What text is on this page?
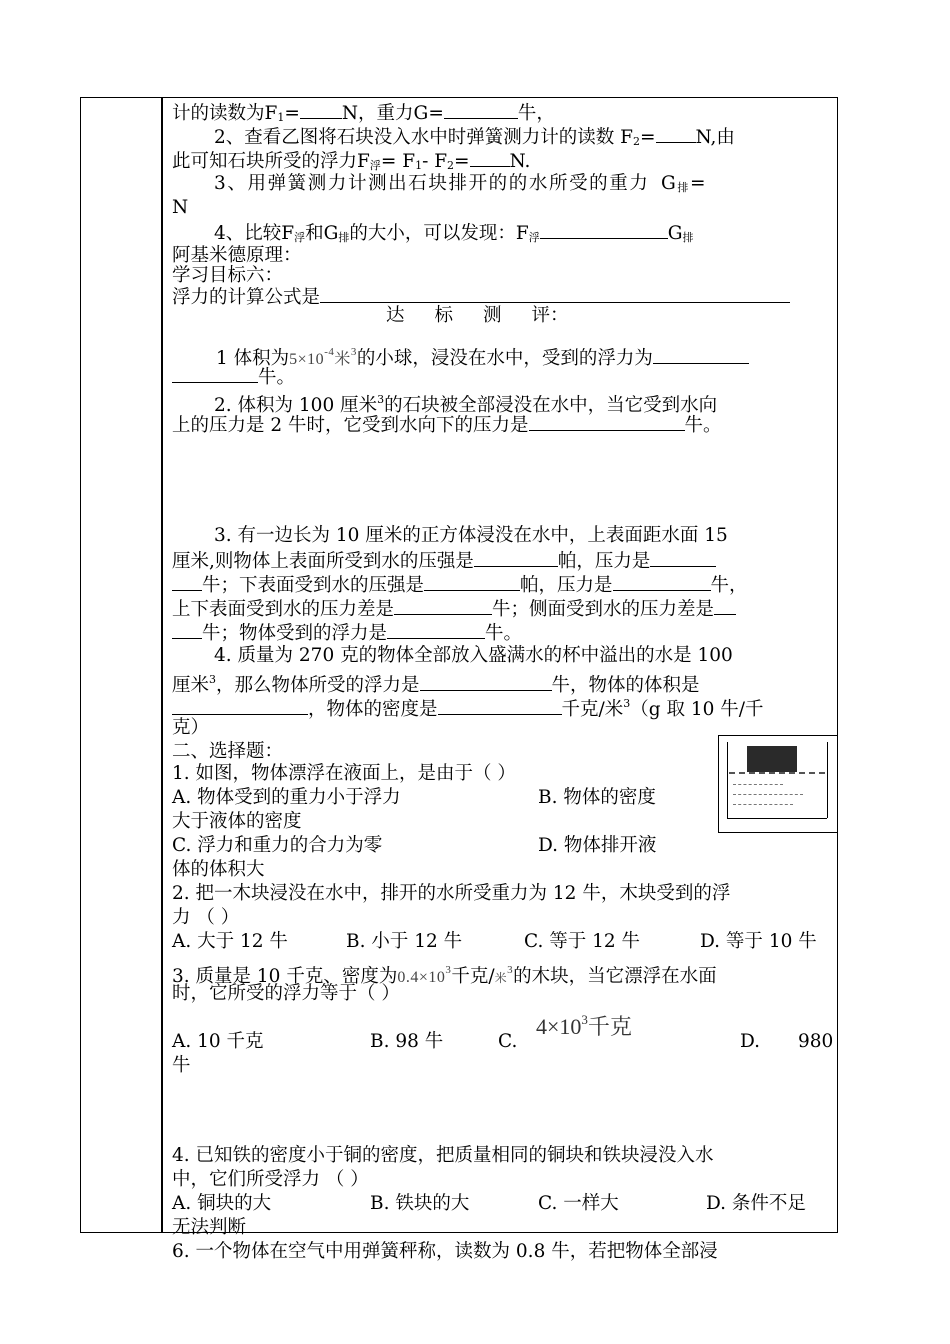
计的读数为F1= N，重力G=	牛，
2、查看乙图将石块没入水中时弹簧测力计的读数 F2= N,由
此可知石块所受的浮力F浮= F1- F2= N.
3、用弹簧测力计测出石块排开的的水所受的重力 G排=
N
4、比较F浮和G排的大小，可以发现：F浮	G排
阿基米德原理：
学习目标六：
浮力的计算公式是
达 标 测 评：
1 体积为$5\times 10^{-4}$米$^3$的小球，浸没在水中，受到的浮力为
牛。
2. 体积为 100 厘米$^3$的石块被全部浸没在水中，当它受到水向
上的压力是 2 牛时，它受到水向下的压力是	牛。
3. 有一边长为 10 厘米的正方体浸没在水中，上表面距水面 15
厘米,则物体上表面所受到水的压强是	帕，压力是
牛；下表面受到水的压强是	帕，压力是	牛，
上下表面受到水的压力差是	牛；侧面受到水的压力差是
牛；物体受到的浮力是	牛。
4. 质量为 270 克的物体全部放入盛满水的杯中溢出的水是 100
厘米$^3$，那么物体所受的浮力是	牛，物体的体积是
，物体的密度是	千克/米$^3$（g 取 10 牛/千
克）
二、选择题：
1. 如图，物体漂浮在液面上，是由于（ ）
A. 物体受到的重力小于浮力	B. 物体的密度
大于液体的密度
C. 浮力和重力的合力为零	D. 物体排开液
体的体积大
2. 把一木块浸没在水中，排开的水所受重力为 12 牛，木块受到的浮
力 （ ）
A. 大于 12 牛	B. 小于 12 牛	C. 等于 12 牛	D. 等于 10 牛
3. 质量是 10 千克、密度为$0.4\times 10^3$千克/米3的木块，当它漂浮在水面
时，它所受的浮力等于（ ）
A. 10 千克	B. 98 牛	C.
$4\times 10^3$千克
D. 980
牛
4. 已知铁的密度小于铜的密度，把质量相同的铜块和铁块浸没入水
中，它们所受浮力 （ ）
A. 铜块的大	B. 铁块的大	C. 一样大	D. 条件不足
无法判断
6. 一个物体在空气中用弹簧秤称，读数为 0.8 牛，若把物体全部浸
